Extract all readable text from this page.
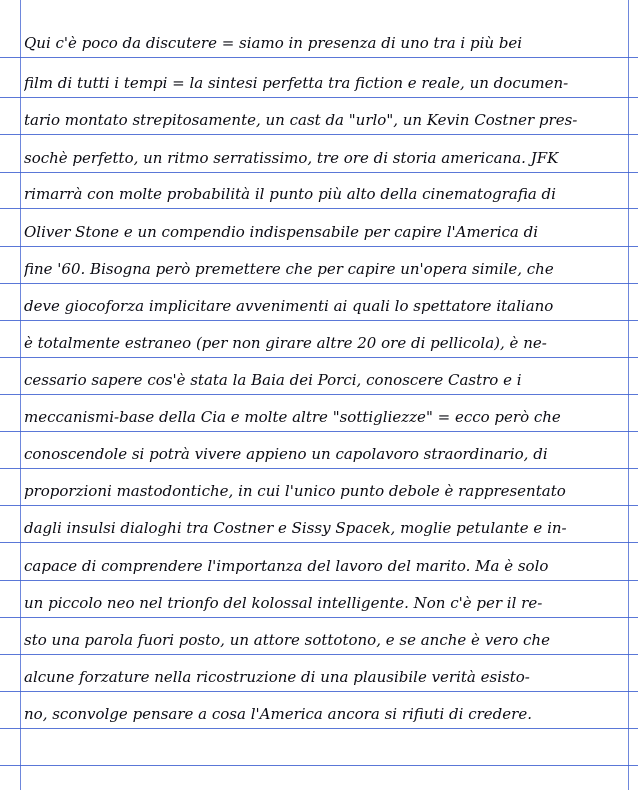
Qui c'è poco da discutere = siamo in presenza di uno tra i più bei
film di tutti i tempi = la sintesi perfetta tra fiction e reale, un documen-
tario montato strepitosamente, un cast da "urlo", un Kevin Costner pres-
sochè perfetto, un ritmo serratissimo, tre ore di storia americana. JFK
rimarrà con molte probabilità il punto più alto della cinematografia di
Oliver Stone e un compendio indispensabile per capire l'America di
fine '60. Bisogna però premettere che per capire un'opera simile, che
deve giocoforza implicitare avvenimenti ai quali lo spettatore italiano
è totalmente estraneo (per non girare altre 20 ore di pellicola), è ne-
cessario sapere cos'è stata la Baia dei Porci, conoscere Castro e i
meccanismi-base della Cia e molte altre "sottigliezze" = ecco però che
conoscendole si potrà vivere appieno un capolavoro straordinario, di
proporzioni mastodontiche, in cui l'unico punto debole è rappresentato
dagli insulsi dialoghi tra Costner e Sissy Spacek, moglie petulante e in-
capace di comprendere l'importanza del lavoro del marito. Ma è solo
un piccolo neo nel trionfo del kolossal intelligente. Non c'è per il re-
sto una parola fuori posto, un attore sottotono, e se anche è vero che
alcune forzature nella ricostruzione di una plausibile verità esisto-
no, sconvolge pensare a cosa l'America ancora si rifiuti di credere.
